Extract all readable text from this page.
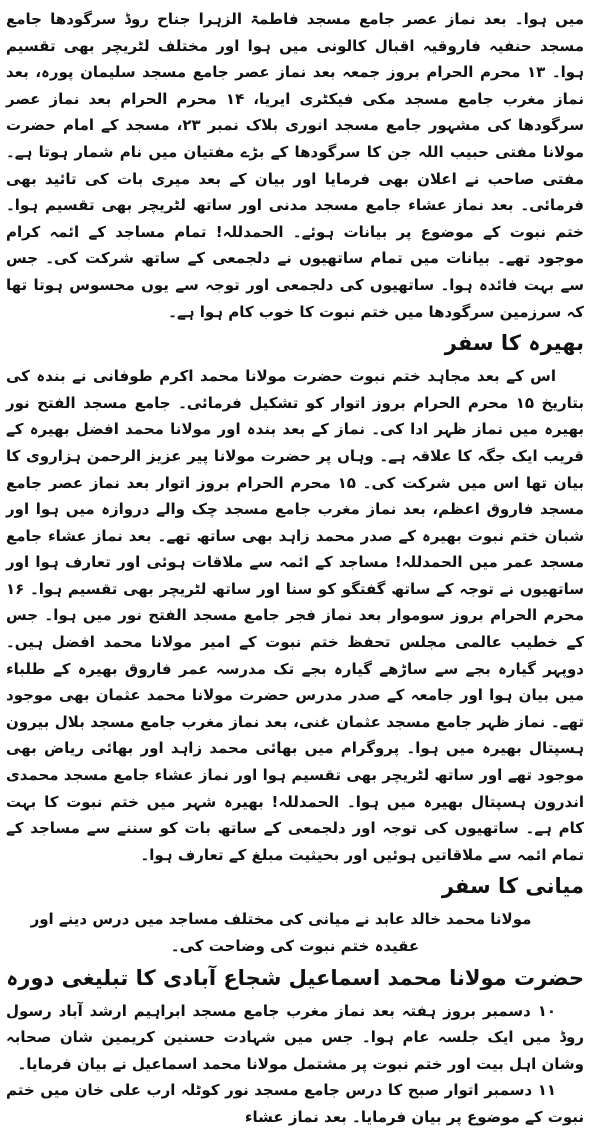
میں ہوا۔ بعد نماز عصر جامع مسجد فاطمۃ الزہرا جناح روڈ سرگودھا جامع مسجد حنفیہ فاروقیہ اقبال کالونی میں ہوا اور مختلف لٹریچر بھی تقسیم ہوا۔ ۱۳ محرم الحرام بروز جمعہ بعد نماز عصر جامع مسجد سلیمان پورہ، بعد نماز مغرب جامع مسجد مکی فیکٹری ایریا، ۱۴ محرم الحرام بعد نماز عصر سرگودھا کی مشہور جامع مسجد انوری بلاک نمبر ۲۳، مسجد کے امام حضرت مولانا مفتی حبیب اللہ جن کا سرگودھا کے بڑے مفتیان میں نام شمار ہوتا ہے۔ مفتی صاحب نے اعلان بھی فرمایا اور بیان کے بعد میری بات کی تائید بھی فرمائی۔ بعد نماز عشاء جامع مسجد مدنی اور ساتھ لٹریچر بھی تقسیم ہوا۔ ختم نبوت کے موضوع پر بیانات ہوئے۔ الحمدللہ! تمام مساجد کے ائمہ کرام موجود تھے۔ بیانات میں تمام ساتھیوں نے دلجمعی کے ساتھ شرکت کی۔ جس سے بہت فائدہ ہوا۔ ساتھیوں کی دلجمعی اور توجہ سے یوں محسوس ہوتا تھا کہ سرزمین سرگودھا میں ختم نبوت کا خوب کام ہوا ہے۔

بھیرہ کا سفر

اس کے بعد مجاہد ختم نبوت حضرت مولانا محمد اکرم طوفانی نے بندہ کی بتاریخ ۱۵ محرم الحرام بروز اتوار کو تشکیل فرمائی۔ جامع مسجد الفتح نور بھیرہ میں نماز ظہر ادا کی۔ نماز کے بعد بندہ اور مولانا محمد افضل بھیرہ کے قریب ایک جگہ کا علاقہ ہے۔ وہاں پر حضرت مولانا پیر عزیز الرحمن ہزاروی کا بیان تھا اس میں شرکت کی۔ ۱۵ محرم الحرام بروز اتوار بعد نماز عصر جامع مسجد فاروق اعظم، بعد نماز مغرب جامع مسجد چک والے دروازہ میں ہوا اور شبان ختم نبوت بھیرہ کے صدر محمد زاہد بھی ساتھ تھے۔ بعد نماز عشاء جامع مسجد عمر میں الحمدللہ! مساجد کے ائمہ سے ملاقات ہوئی اور تعارف ہوا اور ساتھیوں نے توجہ کے ساتھ گفتگو کو سنا اور ساتھ لٹریچر بھی تقسیم ہوا۔ ۱۶ محرم الحرام بروز سوموار بعد نماز فجر جامع مسجد الفتح نور میں ہوا۔ جس کے خطیب عالمی مجلس تحفظ ختم نبوت کے امیر مولانا محمد افضل ہیں۔ دوپہر گیارہ بجے سے ساڑھے گیارہ بجے تک مدرسہ عمر فاروق بھیرہ کے طلباء میں بیان ہوا اور جامعہ کے صدر مدرس حضرت مولانا محمد عثمان بھی موجود تھے۔ نماز ظہر جامع مسجد عثمان غنی، بعد نماز مغرب جامع مسجد بلال بیرون ہسپتال بھیرہ میں ہوا۔ پروگرام میں بھائی محمد زاہد اور بھائی ریاض بھی موجود تھے اور ساتھ لٹریچر بھی تقسیم ہوا اور نماز عشاء جامع مسجد محمدی اندرون ہسپتال بھیرہ میں ہوا۔ الحمدللہ! بھیرہ شہر میں ختم نبوت کا بہت کام ہے۔ ساتھیوں کی توجہ اور دلجمعی کے ساتھ بات کو سننے سے مساجد کے تمام ائمہ سے ملاقاتیں ہوئیں اور بحیثیت مبلغ کے تعارف ہوا۔

میانی کا سفر

مولانا محمد خالد عابد نے میانی کی مختلف مساجد میں درس دینے اور عقیدہ ختم نبوت کی وضاحت کی۔

حضرت مولانا محمد اسماعیل شجاع آبادی کا تبلیغی دورہ

۱۰ دسمبر بروز ہفتہ بعد نماز مغرب جامع مسجد ابراہیم ارشد آباد رسول روڈ میں ایک جلسہ عام ہوا۔ جس میں شہادت حسنین کریمین شان صحابہ وشان اہل بیت اور ختم نبوت پر مشتمل مولانا محمد اسماعیل نے بیان فرمایا۔

۱۱ دسمبر اتوار صبح کا درس جامع مسجد نور کوٹلہ ارب علی خان میں ختم نبوت کے موضوع پر بیان فرمایا۔ بعد نماز عشاء
